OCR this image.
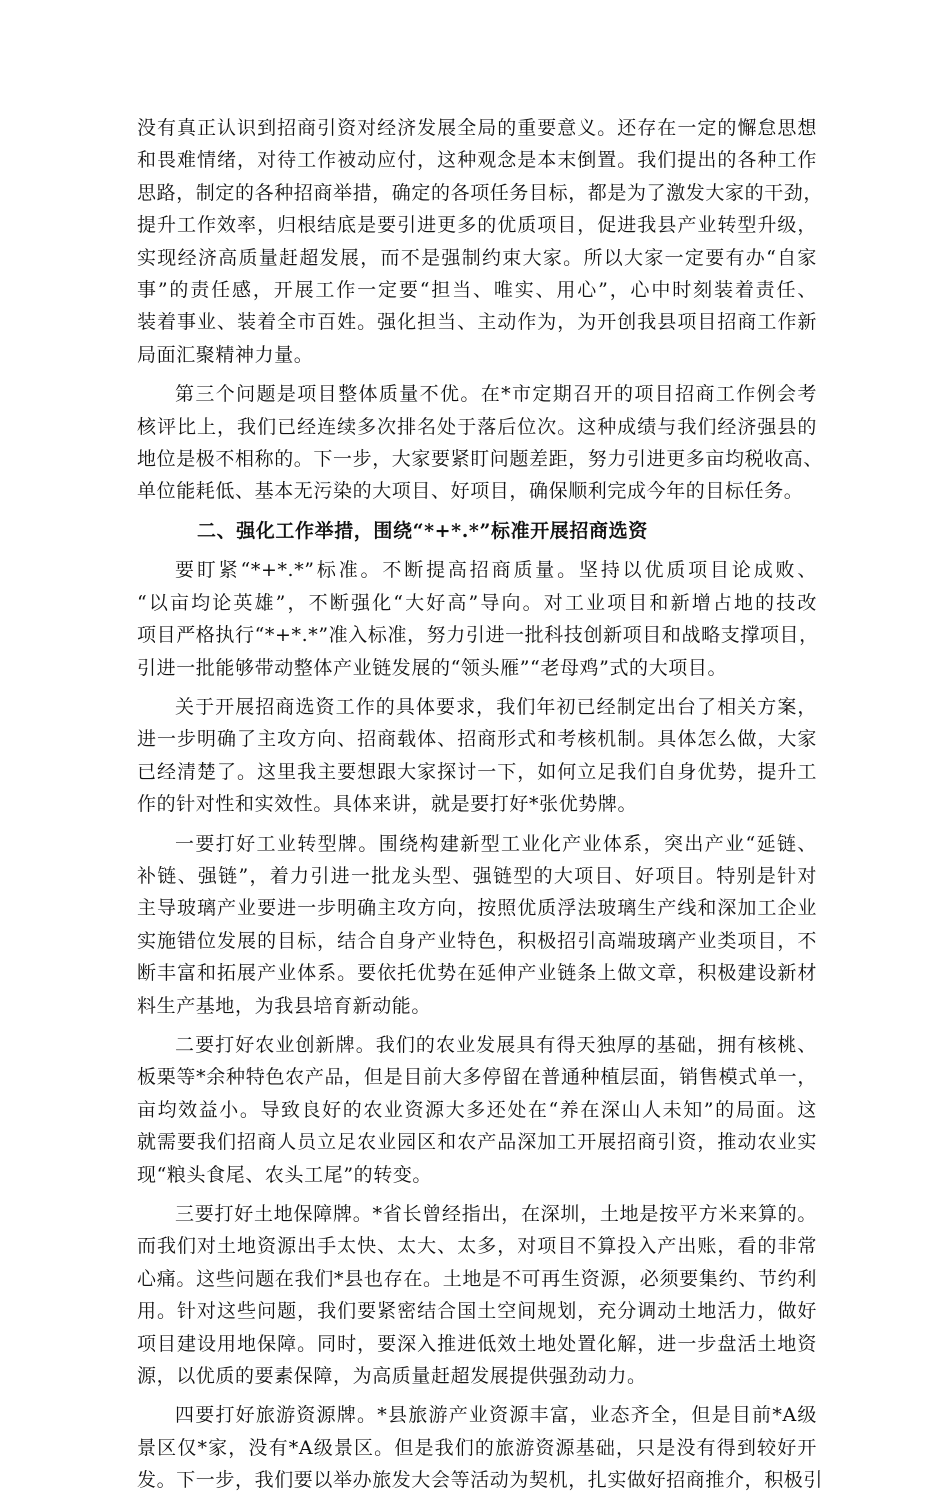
没有真正认识到招商引资对经济发展全局的重要意义。还存在一定的懈怠思想
和畏难情绪，对待工作被动应付，这种观念是本末倒置。我们提出的各种工作
思路，制定的各种招商举措，确定的各项任务目标，都是为了激发大家的干劲，
提升工作效率，归根结底是要引进更多的优质项目，促进我县产业转型升级，
实现经济高质量赶超发展，而不是强制约束大家。所以大家一定要有办“自家
事”的责任感，开展工作一定要“担当、唯实、用心”，心中时刻装着责任、
装着事业、装着全市百姓。强化担当、主动作为，为开创我县项目招商工作新
局面汇聚精神力量。
第三个问题是项目整体质量不优。在*市定期召开的项目招商工作例会考
核评比上，我们已经连续多次排名处于落后位次。这种成绩与我们经济强县的
地位是极不相称的。下一步，大家要紧盯问题差距，努力引进更多亩均税收高、
单位能耗低、基本无污染的大项目、好项目，确保顺利完成今年的目标任务。
二、强化工作举措，围绕“*+*.*”标准开展招商选资
要盯紧“*+*.*”标准。不断提高招商质量。坚持以优质项目论成败、
“以亩均论英雄”，不断强化“大好高”导向。对工业项目和新增占地的技改
项目严格执行“*+*.*”准入标准，努力引进一批科技创新项目和战略支撑项目，
引进一批能够带动整体产业链发展的“领头雁”“老母鸡”式的大项目。
关于开展招商选资工作的具体要求，我们年初已经制定出台了相关方案，
进一步明确了主攻方向、招商载体、招商形式和考核机制。具体怎么做，大家
已经清楚了。这里我主要想跟大家探讨一下，如何立足我们自身优势，提升工
作的针对性和实效性。具体来讲，就是要打好*张优势牌。
一要打好工业转型牌。围绕构建新型工业化产业体系，突出产业“延链、
补链、强链”，着力引进一批龙头型、强链型的大项目、好项目。特别是针对
主导玻璃产业要进一步明确主攻方向，按照优质浮法玻璃生产线和深加工企业
实施错位发展的目标，结合自身产业特色，积极招引高端玻璃产业类项目，不
断丰富和拓展产业体系。要依托优势在延伸产业链条上做文章，积极建设新材
料生产基地，为我县培育新动能。
二要打好农业创新牌。我们的农业发展具有得天独厚的基础，拥有核桃、
板栗等*余种特色农产品，但是目前大多停留在普通种植层面，销售模式单一，
亩均效益小。导致良好的农业资源大多还处在“养在深山人未知”的局面。这
就需要我们招商人员立足农业园区和农产品深加工开展招商引资，推动农业实
现“粮头食尾、农头工尾”的转变。
三要打好土地保障牌。*省长曾经指出，在深圳，土地是按平方米来算的。
而我们对土地资源出手太快、太大、太多，对项目不算投入产出账，看的非常
心痛。这些问题在我们*县也存在。土地是不可再生资源，必须要集约、节约利
用。针对这些问题，我们要紧密结合国土空间规划，充分调动土地活力，做好
项目建设用地保障。同时，要深入推进低效土地处置化解，进一步盘活土地资
源，以优质的要素保障，为高质量赶超发展提供强劲动力。
四要打好旅游资源牌。*县旅游产业资源丰富，业态齐全，但是目前*A级
景区仅*家，没有*A级景区。但是我们的旅游资源基础，只是没有得到较好开
发。下一步，我们要以举办旅发大会等活动为契机，扎实做好招商推介，积极引
